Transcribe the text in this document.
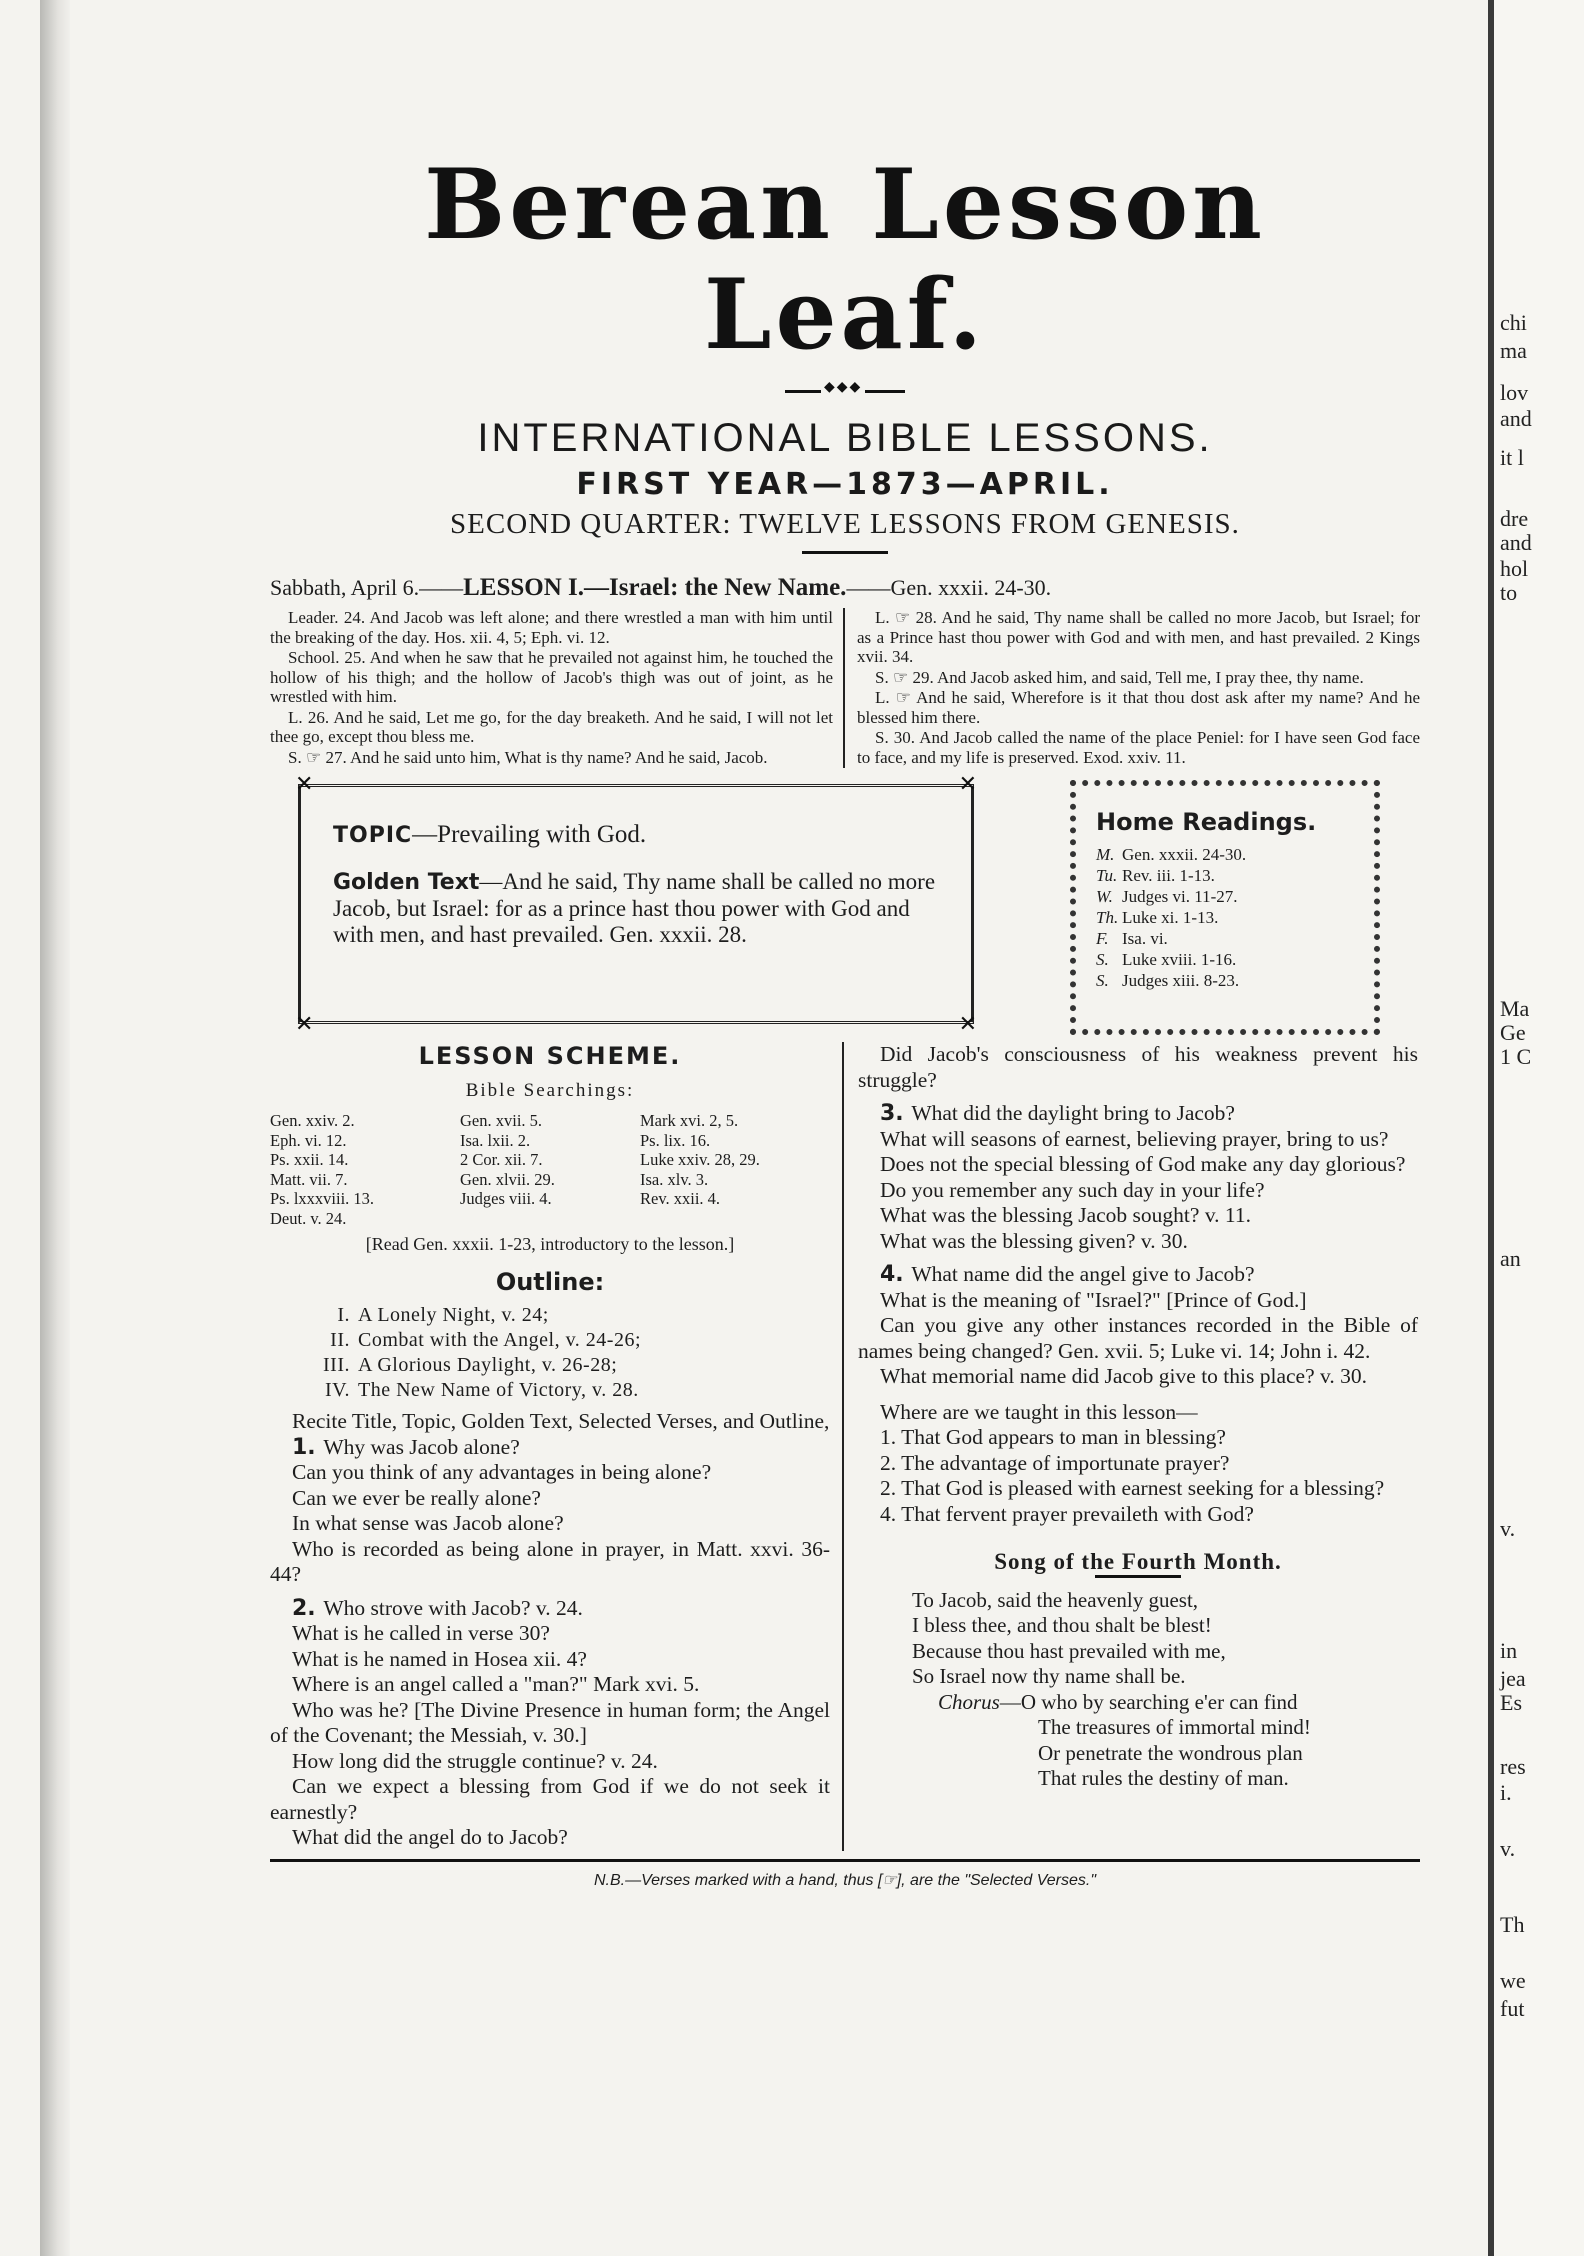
chi
ma
lov
and
it l
dre
and
hol
to
Ma
Ge
1 C
an
v.
in
jea
Es
res
i.
v.
Th
we
fut
Berean Lesson Leaf.
◆◆◆
INTERNATIONAL BIBLE LESSONS.
FIRST YEAR—1873—APRIL.
SECOND QUARTER: TWELVE LESSONS FROM GENESIS.
Sabbath, April 6.——LESSON I.—Israel: the New Name.——Gen. xxxii. 24-30.

Leader. 24. And Jacob was left alone; and there wrestled a man with him until the breaking of the day. Hos. xii. 4, 5; Eph. vi. 12.

School. 25. And when he saw that he prevailed not against him, he touched the hollow of his thigh; and the hollow of Jacob's thigh was out of joint, as he wrestled with him.

L. 26. And he said, Let me go, for the day breaketh. And he said, I will not let thee go, except thou bless me.

S. ☞ 27. And he said unto him, What is thy name? And he said, Jacob.

L. ☞ 28. And he said, Thy name shall be called no more Jacob, but Israel; for as a Prince hast thou power with God and with men, and hast prevailed. 2 Kings xvii. 34.

S. ☞ 29. And Jacob asked him, and said, Tell me, I pray thee, thy name.

L. ☞ And he said, Wherefore is it that thou dost ask after my name? And he blessed him there.

S. 30. And Jacob called the name of the place Peniel: for I have seen God face to face, and my life is preserved. Exod. xxiv. 11.

✕	✕
✕	✕
TOPIC—Prevailing with God.
Golden Text—And he said, Thy name shall be called no more Jacob, but Israel: for as a prince hast thou power with God and with men, and hast prevailed. Gen. xxxii. 28.
Home Readings.
M. Gen. xxxii. 24-30.
Tu. Rev. iii. 1-13.
W. Judges vi. 11-27.
Th. Luke xi. 1-13.
F. Isa. vi.
S. Luke xviii. 1-16.
S. Judges xiii. 8-23.
LESSON SCHEME.
Bible Searchings:
Gen. xxiv. 2.	Gen. xvii. 5.	Mark xvi. 2, 5.
Eph. vi. 12.	Isa. lxii. 2.	Ps. lix. 16.
Ps. xxii. 14.	2 Cor. xii. 7.	Luke xxiv. 28, 29.
Matt. vii. 7.	Gen. xlvii. 29.	Isa. xlv. 3.
Ps. lxxxviii. 13.	Judges viii. 4.	Rev. xxii. 4.
Deut. v. 24.
[Read Gen. xxxii. 1-23, introductory to the lesson.]
Outline:
I. A Lonely Night, v. 24;
II. Combat with the Angel, v. 24-26;
III. A Glorious Daylight, v. 26-28;
IV. The New Name of Victory, v. 28.

Recite Title, Topic, Golden Text, Selected Verses, and Outline,

1. Why was Jacob alone?

Can you think of any advantages in being alone?

Can we ever be really alone?

In what sense was Jacob alone?

Who is recorded as being alone in prayer, in Matt. xxvi. 36-44?

2. Who strove with Jacob? v. 24.

What is he called in verse 30?

What is he named in Hosea xii. 4?

Where is an angel called a "man?" Mark xvi. 5.

Who was he? [The Divine Presence in human form; the Angel of the Covenant; the Messiah, v. 30.]

How long did the struggle continue? v. 24.

Can we expect a blessing from God if we do not seek it earnestly?

What did the angel do to Jacob?

Did Jacob's consciousness of his weakness prevent his struggle?

3. What did the daylight bring to Jacob?

What will seasons of earnest, believing prayer, bring to us?

Does not the special blessing of God make any day glorious?

Do you remember any such day in your life?

What was the blessing Jacob sought? v. 11.

What was the blessing given? v. 30.

4. What name did the angel give to Jacob?

What is the meaning of "Israel?" [Prince of God.]

Can you give any other instances recorded in the Bible of names being changed? Gen. xvii. 5; Luke vi. 14; John i. 42.

What memorial name did Jacob give to this place? v. 30.

Where are we taught in this lesson—

1. That God appears to man in blessing?

2. The advantage of importunate prayer?

2. That God is pleased with earnest seeking for a blessing?

4. That fervent prayer prevaileth with God?

Song of the Fourth Month.
To Jacob, said the heavenly guest,
I bless thee, and thou shalt be blest!
Because thou hast prevailed with me,
So Israel now thy name shall be.
Chorus—O who by searching e'er can find
The treasures of immortal mind!
Or penetrate the wondrous plan
That rules the destiny of man.
N.B.—Verses marked with a hand, thus [☞], are the "Selected Verses."
